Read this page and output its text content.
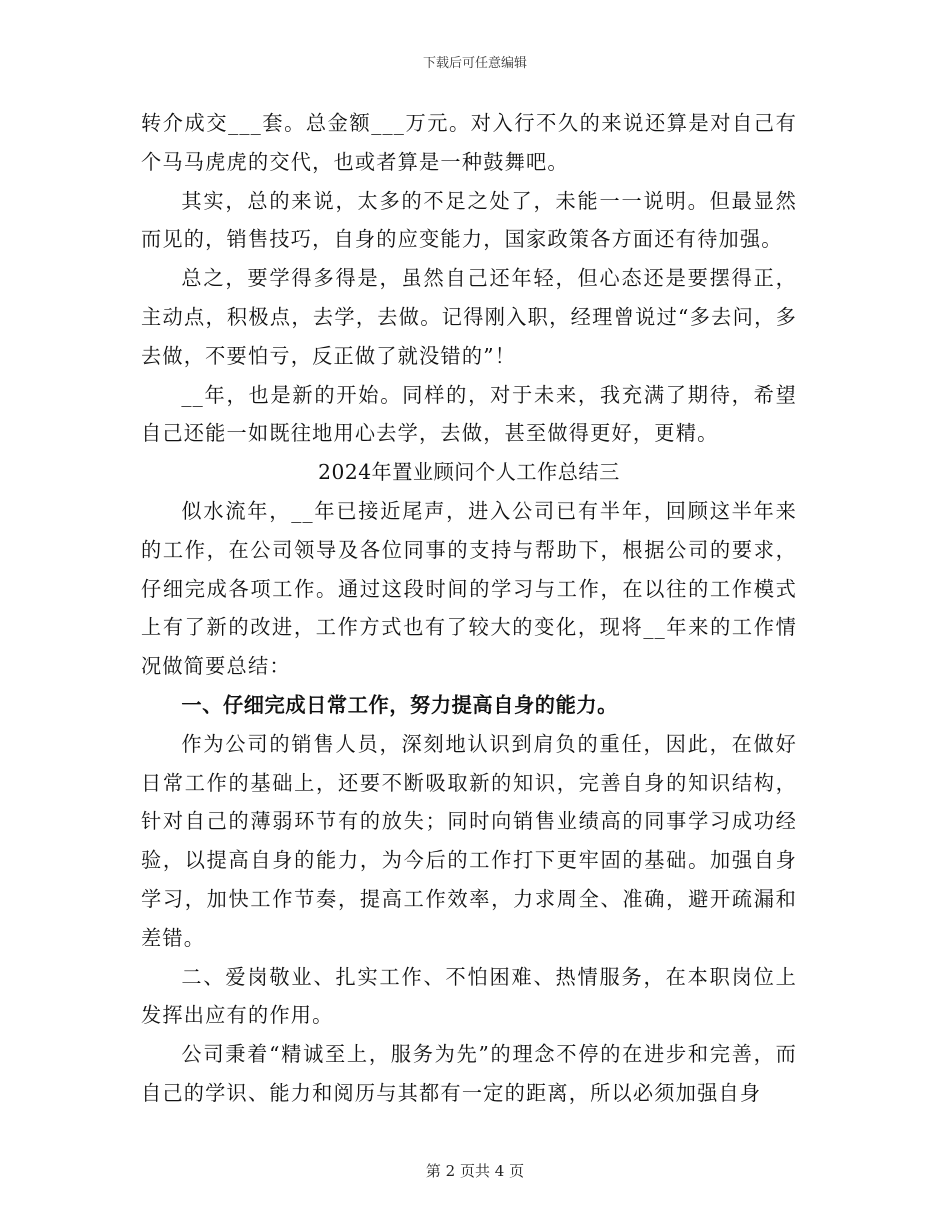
下载后可任意编辑

转介成交___套。总金额___万元。对入行不久的来说还算是对自己有个马马虎虎的交代，也或者算是一种鼓舞吧。

其实，总的来说，太多的不足之处了，未能一一说明。但最显然而见的，销售技巧，自身的应变能力，国家政策各方面还有待加强。

总之，要学得多得是，虽然自己还年轻，但心态还是要摆得正，主动点，积极点，去学，去做。记得刚入职，经理曾说过“多去问，多去做，不要怕亏，反正做了就没错的”！

__年，也是新的开始。同样的，对于未来，我充满了期待，希望自己还能一如既往地用心去学，去做，甚至做得更好，更精。

2024年置业顾问个人工作总结三

似水流年，__年已接近尾声，进入公司已有半年，回顾这半年来的工作，在公司领导及各位同事的支持与帮助下，根据公司的要求，仔细完成各项工作。通过这段时间的学习与工作，在以往的工作模式上有了新的改进，工作方式也有了较大的变化，现将__年来的工作情况做简要总结：

一、仔细完成日常工作，努力提高自身的能力。

作为公司的销售人员，深刻地认识到肩负的重任，因此，在做好日常工作的基础上，还要不断吸取新的知识，完善自身的知识结构，针对自己的薄弱环节有的放失；同时向销售业绩高的同事学习成功经验，以提高自身的能力，为今后的工作打下更牢固的基础。加强自身学习，加快工作节奏，提高工作效率，力求周全、准确，避开疏漏和差错。

二、爱岗敬业、扎实工作、不怕困难、热情服务，在本职岗位上发挥出应有的作用。

公司秉着“精诚至上，服务为先”的理念不停的在进步和完善，而自己的学识、能力和阅历与其都有一定的距离，所以必须加强自身

第 2 页共 4 页
